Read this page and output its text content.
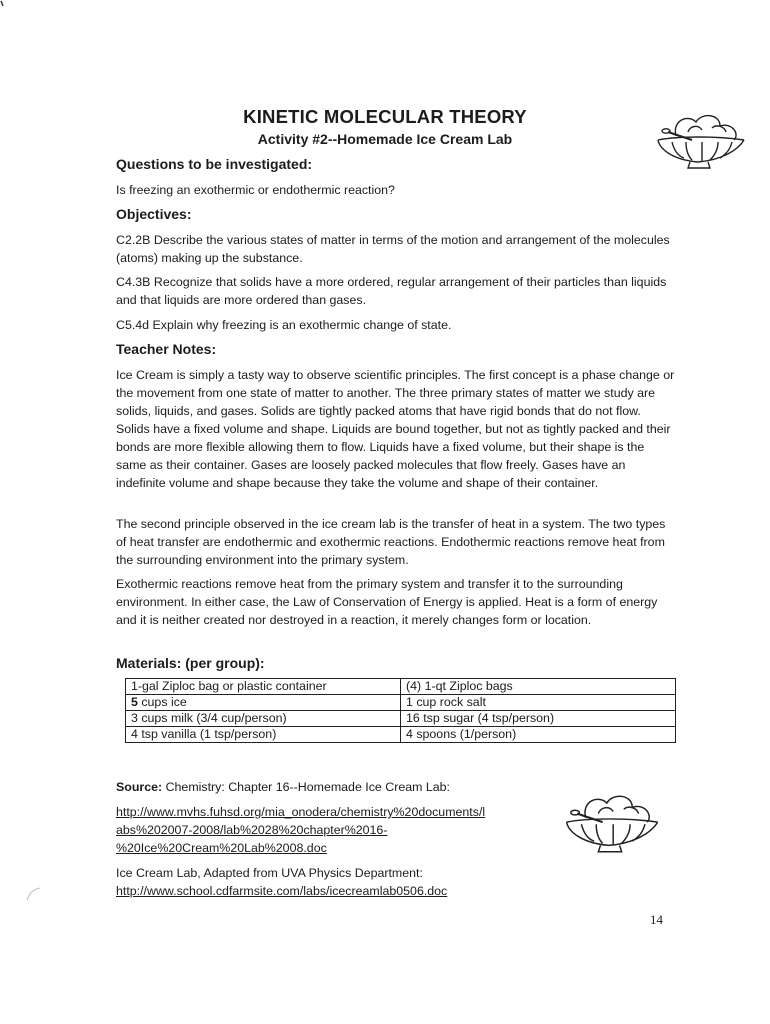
KINETIC MOLECULAR THEORY
Activity #2--Homemade Ice Cream Lab
Questions to be investigated:

Is freezing an exothermic or endothermic reaction?

Objectives:

C2.2B Describe the various states of matter in terms of the motion and arrangement of the molecules (atoms) making up the substance.

C4.3B Recognize that solids have a more ordered, regular arrangement of their particles than liquids and that liquids are more ordered than gases.

C5.4d Explain why freezing is an exothermic change of state.

Teacher Notes:

Ice Cream is simply a tasty way to observe scientific principles. The first concept is a phase change or the movement from one state of matter to another. The three primary states of matter we study are solids, liquids, and gases. Solids are tightly packed atoms that have rigid bonds that do not flow. Solids have a fixed volume and shape. Liquids are bound together, but not as tightly packed and their bonds are more flexible allowing them to flow. Liquids have a fixed volume, but their shape is the same as their container. Gases are loosely packed molecules that flow freely. Gases have an indefinite volume and shape because they take the volume and shape of their container.

The second principle observed in the ice cream lab is the transfer of heat in a system. The two types of heat transfer are endothermic and exothermic reactions. Endothermic reactions remove heat from the surrounding environment into the primary system.

Exothermic reactions remove heat from the primary system and transfer it to the surrounding environment. In either case, the Law of Conservation of Energy is applied. Heat is a form of energy and it is neither created nor destroyed in a reaction, it merely changes form or location.

Materials: (per group):
1-gal Ziploc bag or plastic container	(4) 1-qt Ziploc bags
5 cups ice	1 cup rock salt
3 cups milk (3/4 cup/person)	16 tsp sugar (4 tsp/person)
4 tsp vanilla (1 tsp/person)	4 spoons (1/person)
Source: Chemistry: Chapter 16--Homemade Ice Cream Lab:
http://www.mvhs.fuhsd.org/mia_onodera/chemistry%20documents/l
abs%202007-2008/lab%2028%20chapter%2016-
%20Ice%20Cream%20Lab%2008.doc
Ice Cream Lab, Adapted from UVA Physics Department:
http://www.school.cdfarmsite.com/labs/icecreamlab0506.doc
14
